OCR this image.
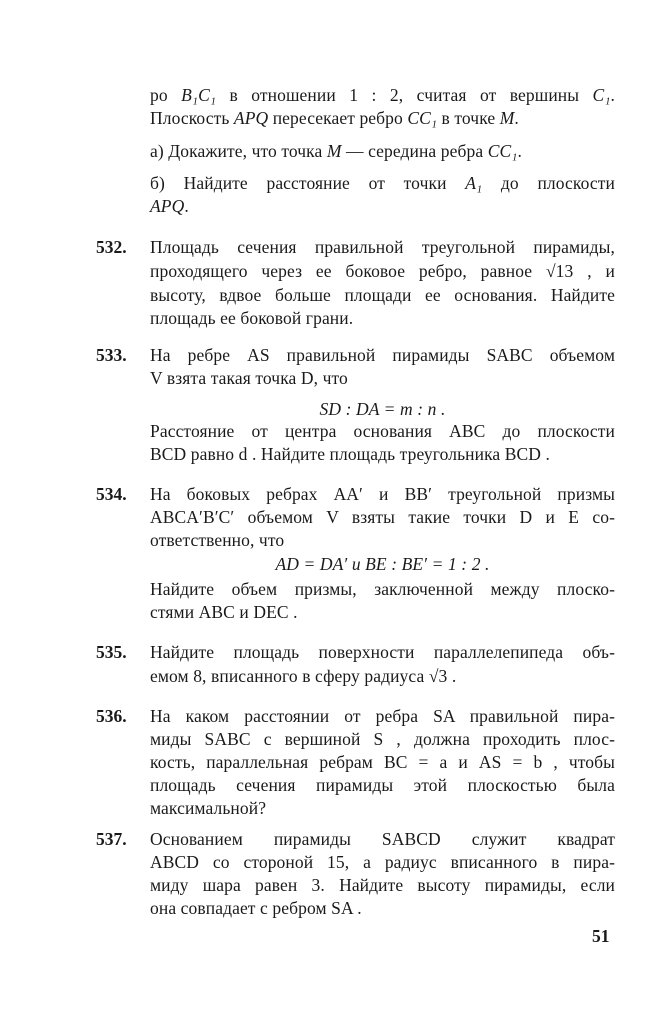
ро B₁C₁ в отношении 1 : 2, считая от вершины C₁.
Плоскость APQ пересекает ребро CC₁ в точке M.
а) Докажите, что точка M — середина ребра CC₁.
б) Найдите расстояние от точки A₁ до плоскости
APQ.
532. Площадь сечения правильной треугольной пирамиды,
проходящего через ее боковое ребро, равное √13 , и
высоту, вдвое больше площади ее основания. Найдите
площадь ее боковой грани.
533. На ребре AS правильной пирамиды SABC объемом
V взята такая точка D, что
SD : DA = m : n .
Расстояние от центра основания ABC до плоскости
BCD равно d . Найдите площадь треугольника BCD .
534. На боковых ребрах AA′ и BB′ треугольной призмы
ABCA′B′C′ объемом V взяты такие точки D и E со-
ответственно, что
AD = DA′ и BE : BE′ = 1 : 2 .
Найдите объем призмы, заключенной между плоско-
стями ABC и DEC .
535. Найдите площадь поверхности параллелепипеда объ-
емом 8, вписанного в сферу радиуса √3 .
536. На каком расстоянии от ребра SA правильной пира-
миды SABC с вершиной S , должна проходить плос-
кость, параллельная ребрам BC = a и AS = b , чтобы
площадь сечения пирамиды этой плоскостью была
максимальной?
537. Основанием пирамиды SABCD служит квадрат
ABCD со стороной 15, а радиус вписанного в пира-
миду шара равен 3. Найдите высоту пирамиды, если
она совпадает с ребром SA .
51
